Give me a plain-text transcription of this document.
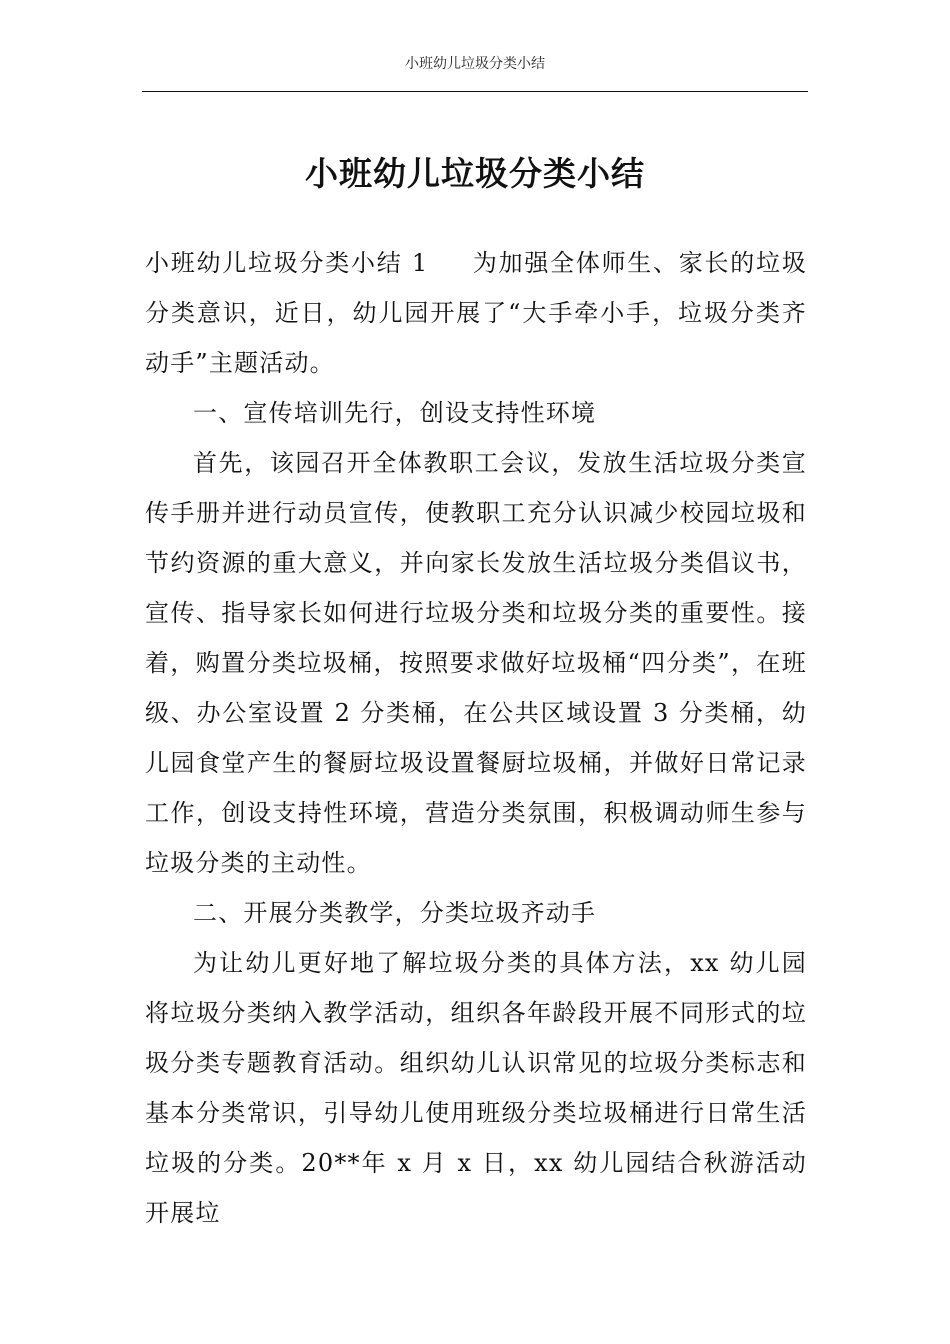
小班幼儿垃圾分类小结
小班幼儿垃圾分类小结

小班幼儿垃圾分类小结 1 为加强全体师生、家长的垃圾分类意识，近日，幼儿园开展了“大手牵小手，垃圾分类齐动手”主题活动。

一、宣传培训先行，创设支持性环境

首先，该园召开全体教职工会议，发放生活垃圾分类宣传手册并进行动员宣传，使教职工充分认识减少校园垃圾和节约资源的重大意义，并向家长发放生活垃圾分类倡议书，宣传、指导家长如何进行垃圾分类和垃圾分类的重要性。接着，购置分类垃圾桶，按照要求做好垃圾桶“四分类”，在班级、办公室设置 2 分类桶，在公共区域设置 3 分类桶，幼儿园食堂产生的餐厨垃圾设置餐厨垃圾桶，并做好日常记录工作，创设支持性环境，营造分类氛围，积极调动师生参与垃圾分类的主动性。

二、开展分类教学，分类垃圾齐动手

为让幼儿更好地了解垃圾分类的具体方法，xx 幼儿园将垃圾分类纳入教学活动，组织各年龄段开展不同形式的垃圾分类专题教育活动。组织幼儿认识常见的垃圾分类标志和基本分类常识，引导幼儿使用班级分类垃圾桶进行日常生活垃圾的分类。20**年 x 月 x 日，xx 幼儿园结合秋游活动开展垃
